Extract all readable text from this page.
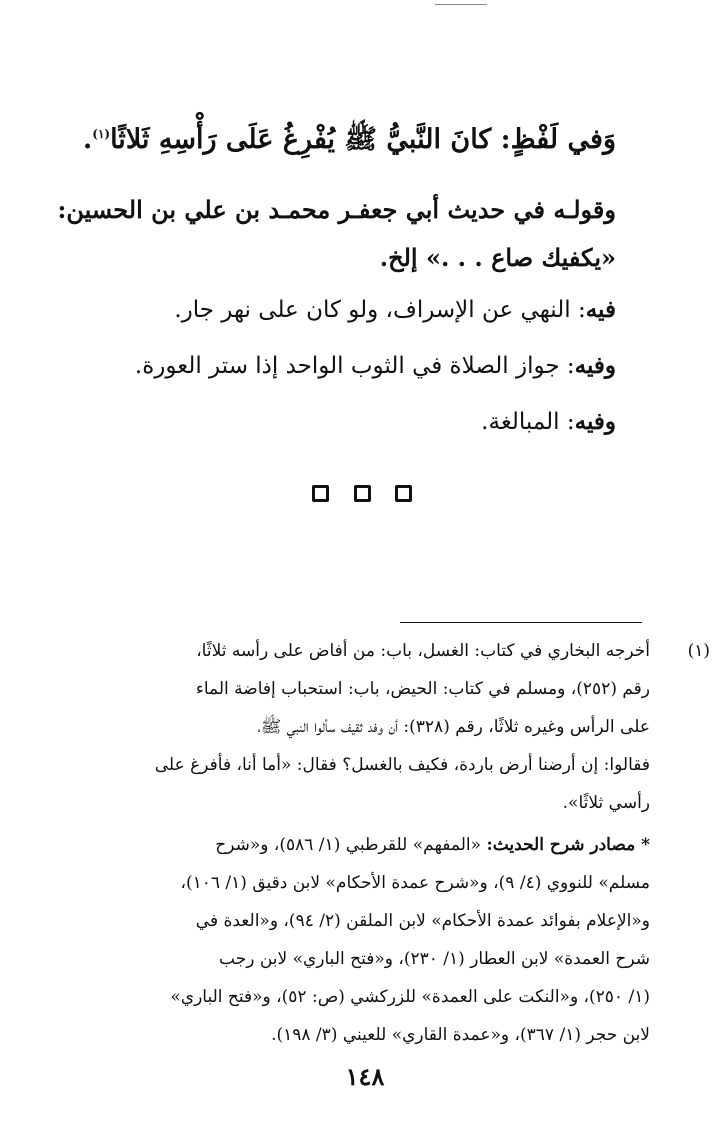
وَفي لَفْظٍ: كانَ النَّبيُّ ﷺ يُفْرِغُ عَلَى رَأْسِهِ ثَلاثًا$^{(١)}$.
وقولـه في حديث أبي جعفـر محمـد بن علي بن الحسين:
«يكفيك صاع . . .» إلخ.
فيه: النهي عن الإسراف، ولو كان على نهر جار.
وفيه: جواز الصلاة في الثوب الواحد إذا ستر العورة.
وفيه: المبالغة.
(١)
أخرجه البخاري في كتاب: الغسل، باب: من أفاض على رأسه ثلاثًا،
رقم (٢٥٢)، ومسلم في كتاب: الحيض، باب: استحباب إفاضة الماء
على الرأس وغيره ثلاثًا، رقم (٣٢٨): أن وفد ثقيف سألوا النبي ﷺ،
فقالوا: إن أرضنا أرض باردة، فكيف بالغسل؟ فقال: «أما أنا، فأفرغ على
رأسي ثلاثًا».
* مصادر شرح الحديث: «المفهم» للقرطبي (١/ ٥٨٦)، و«شرح
مسلم» للنووي (٤/ ٩)، و«شرح عمدة الأحكام» لابن دقيق (١/ ١٠٦)،
و«الإعلام بفوائد عمدة الأحكام» لابن الملقن (٢/ ٩٤)، و«العدة في
شرح العمدة» لابن العطار (١/ ٢٣٠)، و«فتح الباري» لابن رجب
(١/ ٢٥٠)، و«النكت على العمدة» للزركشي (ص: ٥٢)، و«فتح الباري»
لابن حجر (١/ ٣٦٧)، و«عمدة القاري» للعيني (٣/ ١٩٨).
١٤٨
